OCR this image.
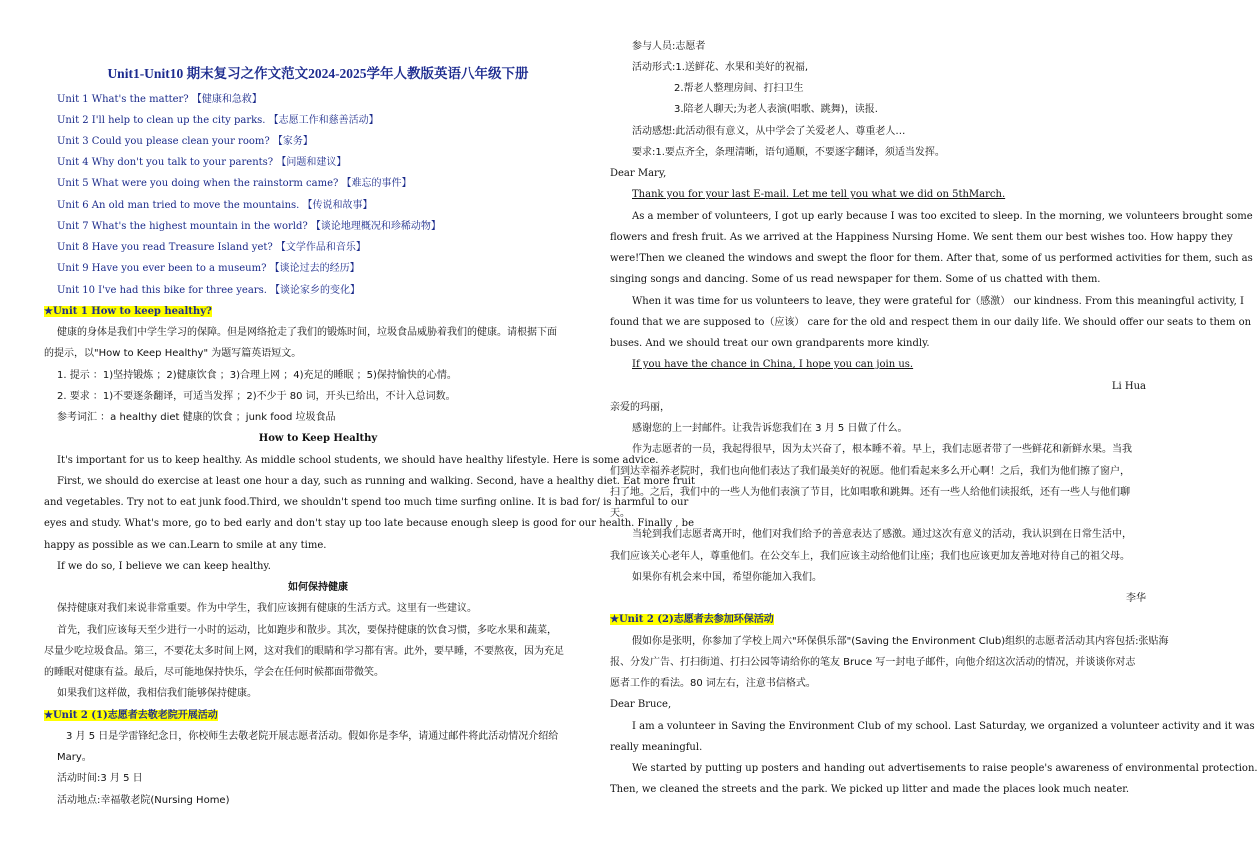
Unit1-Unit10 期末复习之作文范文2024-2025学年人教版英语八年级下册
Unit 1 What's the matter? 【健康和急救】
Unit 2 I'll help to clean up the city parks. 【志愿工作和慈善活动】
Unit 3 Could you please clean your room? 【家务】
Unit 4 Why don't you talk to your parents? 【问题和建议】
Unit 5 What were you doing when the rainstorm came? 【难忘的事件】
Unit 6 An old man tried to move the mountains. 【传说和故事】
Unit 7 What's the highest mountain in the world? 【谈论地理概况和珍稀动物】
Unit 8 Have you read Treasure Island yet? 【文学作品和音乐】
Unit 9 Have you ever been to a museum? 【谈论过去的经历】
Unit 10 I've had this bike for three years. 【谈论家乡的变化】
★Unit 1 How to keep healthy?
健康的身体是我们中学生学习的保障。但是网络抢走了我们的锻炼时间，垃圾食品威胁着我们的健康。请根据下面
的提示，以"How to Keep Healthy" 为题写篇英语短文。
1. 提示 ：1)坚持锻炼 ；2)健康饮食 ；3)合理上网 ；4)充足的睡眠 ；5)保持愉快的心情。
2. 要求 ：1)不要逐条翻译，可适当发挥 ；2)不少于 80 词，开头已给出，不计入总词数。
参考词汇 ：a healthy diet 健康的饮食 ；junk food 垃圾食品
How to Keep Healthy
It's important for us to keep healthy. As middle school students, we should have healthy lifestyle. Here is some advice.
First, we should do exercise at least one hour a day, such as running and walking. Second, have a healthy diet. Eat more fruit
and vegetables. Try not to eat junk food.Third, we shouldn't spend too much time surfing online. It is bad for/ is harmful to our
eyes and study. What's more, go to bed early and don't stay up too late because enough sleep is good for our health. Finally , be
happy as possible as we can.Learn to smile at any time.
If we do so, I believe we can keep healthy.
如何保持健康
保持健康对我们来说非常重要。作为中学生，我们应该拥有健康的生活方式。这里有一些建议。
首先，我们应该每天至少进行一小时的运动，比如跑步和散步。其次，要保持健康的饮食习惯，多吃水果和蔬菜，
尽量少吃垃圾食品。第三，不要花太多时间上网，这对我们的眼睛和学习都有害。此外，要早睡，不要熬夜，因为充足
的睡眠对健康有益。最后，尽可能地保持快乐，学会在任何时候都面带微笑。
如果我们这样做，我相信我们能够保持健康。
★Unit 2 (1)志愿者去敬老院开展活动
3 月 5 日是学雷锋纪念日，你校师生去敬老院开展志愿者活动。假如你是李华，请通过邮件将此活动情况介绍给
Mary。
活动时间:3 月 5 日
活动地点:幸福敬老院(Nursing Home)
参与人员:志愿者
活动形式:1.送鲜花、水果和美好的祝福,
2.帮老人整理房间、打扫卫生
3.陪老人聊天;为老人表演(唱歌、跳舞)，读报.
活动感想:此活动很有意义，从中学会了关爱老人、尊重老人…
要求:1.要点齐全，条理清晰，语句通顺，不要逐字翻译，须适当发挥。
Dear Mary,
Thank you for your last E-mail. Let me tell you what we did on 5thMarch.
As a member of volunteers, I got up early because I was too excited to sleep. In the morning, we volunteers brought some
flowers and fresh fruit. As we arrived at the Happiness Nursing Home. We sent them our best wishes too. How happy they
were!Then we cleaned the windows and swept the floor for them. After that, some of us performed activities for them, such as
singing songs and dancing. Some of us read newspaper for them. Some of us chatted with them.
When it was time for us volunteers to leave, they were grateful for（感激） our kindness. From this meaningful activity, I
found that we are supposed to（应该） care for the old and respect them in our daily life. We should offer our seats to them on
buses. And we should treat our own grandparents more kindly.
If you have the chance in China, I hope you can join us.
Li Hua
亲爱的玛丽，
感谢您的上一封邮件。让我告诉您我们在 3 月 5 日做了什么。
作为志愿者的一员，我起得很早，因为太兴奋了，根本睡不着。早上，我们志愿者带了一些鲜花和新鲜水果。当我
们到达幸福养老院时，我们也向他们表达了我们最美好的祝愿。他们看起来多么开心啊！之后，我们为他们擦了窗户，
扫了地。之后，我们中的一些人为他们表演了节目，比如唱歌和跳舞。还有一些人给他们读报纸，还有一些人与他们聊
天。
当轮到我们志愿者离开时，他们对我们给予的善意表达了感激。通过这次有意义的活动，我认识到在日常生活中，
我们应该关心老年人，尊重他们。在公交车上，我们应该主动给他们让座；我们也应该更加友善地对待自己的祖父母。
如果你有机会来中国，希望你能加入我们。
李华
★Unit 2 (2)志愿者去参加环保活动
假如你是张明，你参加了学校上周六"环保俱乐部"(Saving the Environment Club)组织的志愿者活动其内容包括:张贴海
报、分发广告、打扫街道、打扫公园等请给你的笔友 Bruce 写一封电子邮件，向他介绍这次活动的情况，并谈谈你对志
愿者工作的看法。80 词左右，注意书信格式。
Dear Bruce,
I am a volunteer in Saving the Environment Club of my school. Last Saturday, we organized a volunteer activity and it was
really meaningful.
We started by putting up posters and handing out advertisements to raise people's awareness of environmental protection.
Then, we cleaned the streets and the park. We picked up litter and made the places look much neater.
